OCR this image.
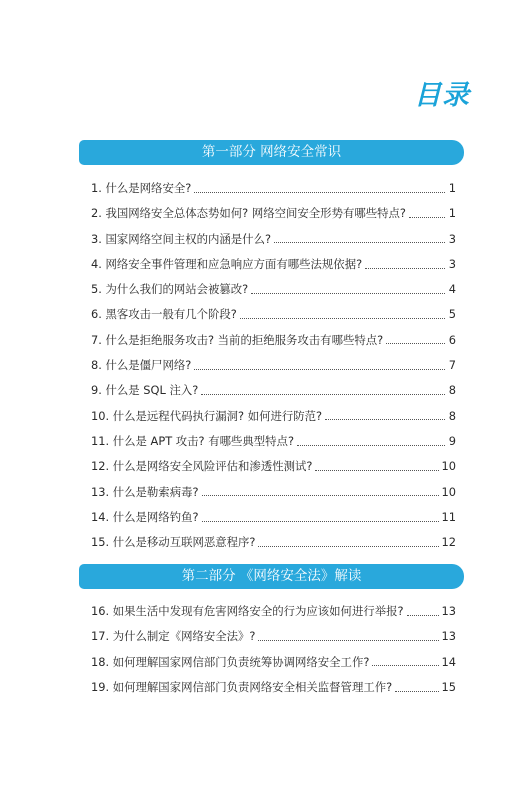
目录
第一部分 网络安全常识
1. 什么是网络安全?	1
2. 我国网络安全总体态势如何? 网络空间安全形势有哪些特点?	1
3. 国家网络空间主权的内涵是什么?	3
4. 网络安全事件管理和应急响应方面有哪些法规依据?	3
5. 为什么我们的网站会被篡改?	4
6. 黑客攻击一般有几个阶段?	5
7. 什么是拒绝服务攻击? 当前的拒绝服务攻击有哪些特点?	6
8. 什么是僵尸网络?	7
9. 什么是 SQL 注入?	8
10. 什么是远程代码执行漏洞? 如何进行防范?	8
11. 什么是 APT 攻击? 有哪些典型特点?	9
12. 什么是网络安全风险评估和渗透性测试?	10
13. 什么是勒索病毒?	10
14. 什么是网络钓鱼?	11
15. 什么是移动互联网恶意程序?	12
第二部分 《网络安全法》解读
16. 如果生活中发现有危害网络安全的行为应该如何进行举报?	13
17. 为什么制定《网络安全法》?	13
18. 如何理解国家网信部门负责统筹协调网络安全工作?	14
19. 如何理解国家网信部门负责网络安全相关监督管理工作?	15
